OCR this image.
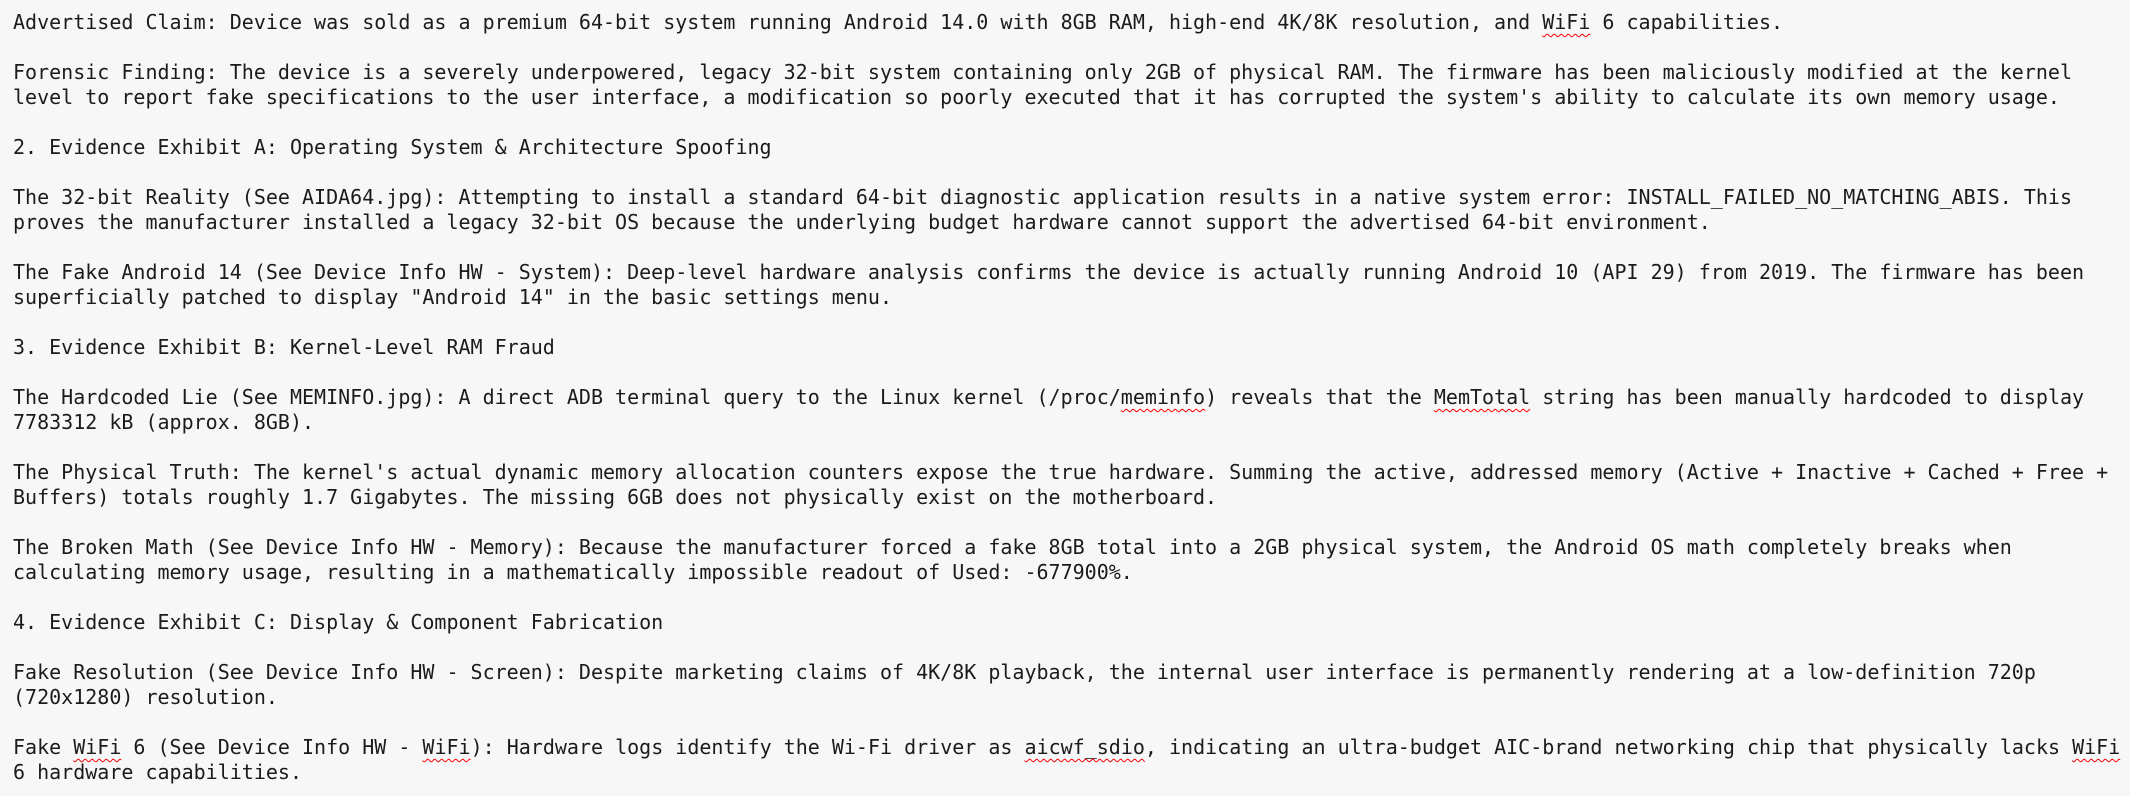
Advertised Claim: Device was sold as a premium 64-bit system running Android 14.0 with 8GB RAM, high-end 4K/8K resolution, and WiFi 6 capabilities.

Forensic Finding: The device is a severely underpowered, legacy 32-bit system containing only 2GB of physical RAM. The firmware has been maliciously modified at the kernel level to report fake specifications to the user interface, a modification so poorly executed that it has corrupted the system's ability to calculate its own memory usage.

2. Evidence Exhibit A: Operating System & Architecture Spoofing

The 32-bit Reality (See AIDA64.jpg): Attempting to install a standard 64-bit diagnostic application results in a native system error: INSTALL_FAILED_NO_MATCHING_ABIS. This proves the manufacturer installed a legacy 32-bit OS because the underlying budget hardware cannot support the advertised 64-bit environment.

The Fake Android 14 (See Device Info HW - System): Deep-level hardware analysis confirms the device is actually running Android 10 (API 29) from 2019. The firmware has been superficially patched to display "Android 14" in the basic settings menu.

3. Evidence Exhibit B: Kernel-Level RAM Fraud

The Hardcoded Lie (See MEMINFO.jpg): A direct ADB terminal query to the Linux kernel (/proc/meminfo) reveals that the MemTotal string has been manually hardcoded to display 7783312 kB (approx. 8GB).

The Physical Truth: The kernel's actual dynamic memory allocation counters expose the true hardware. Summing the active, addressed memory (Active + Inactive + Cached + Free + Buffers) totals roughly 1.7 Gigabytes. The missing 6GB does not physically exist on the motherboard.

The Broken Math (See Device Info HW - Memory): Because the manufacturer forced a fake 8GB total into a 2GB physical system, the Android OS math completely breaks when calculating memory usage, resulting in a mathematically impossible readout of Used: -677900%.

4. Evidence Exhibit C: Display & Component Fabrication

Fake Resolution (See Device Info HW - Screen): Despite marketing claims of 4K/8K playback, the internal user interface is permanently rendering at a low-definition 720p (720x1280) resolution.

Fake WiFi 6 (See Device Info HW - WiFi): Hardware logs identify the Wi-Fi driver as aicwf_sdio, indicating an ultra-budget AIC-brand networking chip that physically lacks WiFi 6 hardware capabilities.
